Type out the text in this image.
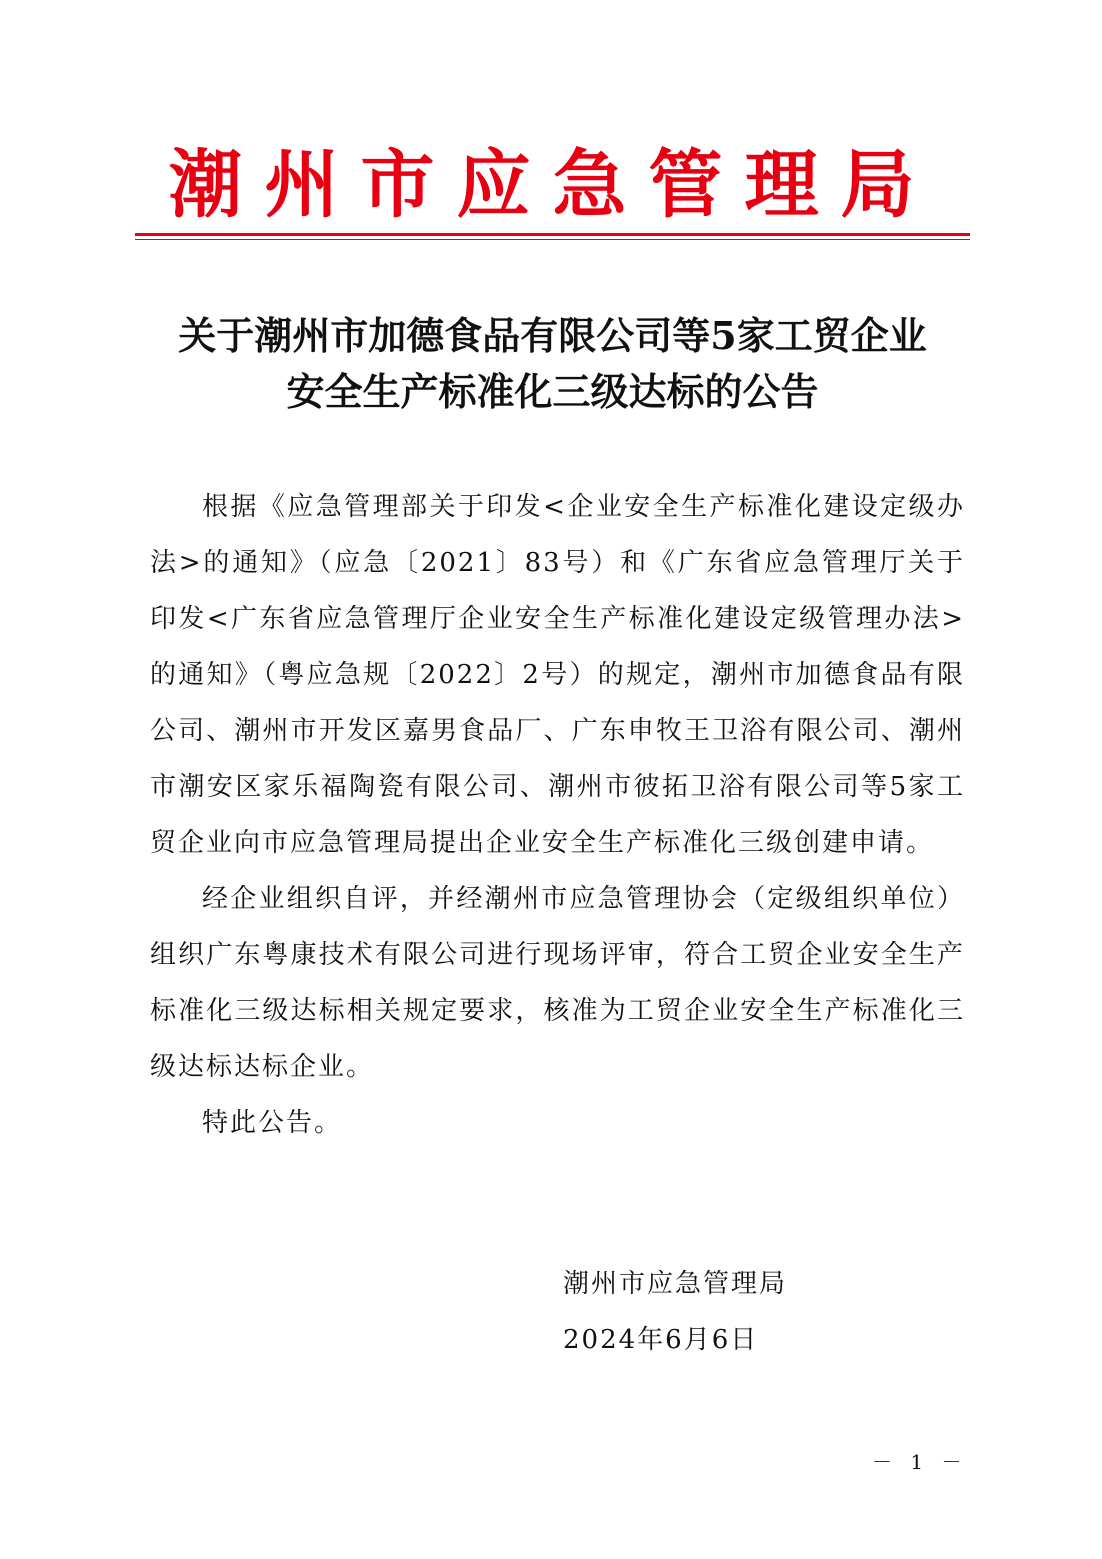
潮州市应急管理局
关于潮州市加德食品有限公司等5家工贸企业
安全生产标准化三级达标的公告

根据《应急管理部关于印发<企业安全生产标准化建设定级办法>的通知》（应急〔2021〕83号）和《广东省应急管理厅关于印发<广东省应急管理厅企业安全生产标准化建设定级管理办法>的通知》（粤应急规〔2022〕2号）的规定，潮州市加德食品有限公司、潮州市开发区嘉男食品厂、广东申牧王卫浴有限公司、潮州市潮安区家乐福陶瓷有限公司、潮州市彼拓卫浴有限公司等5家工贸企业向市应急管理局提出企业安全生产标准化三级创建申请。

经企业组织自评，并经潮州市应急管理协会（定级组织单位）组织广东粤康技术有限公司进行现场评审，符合工贸企业安全生产标准化三级达标相关规定要求，核准为工贸企业安全生产标准化三级达标达标企业。

特此公告。

潮州市应急管理局
2024年6月6日
－ 1 －
